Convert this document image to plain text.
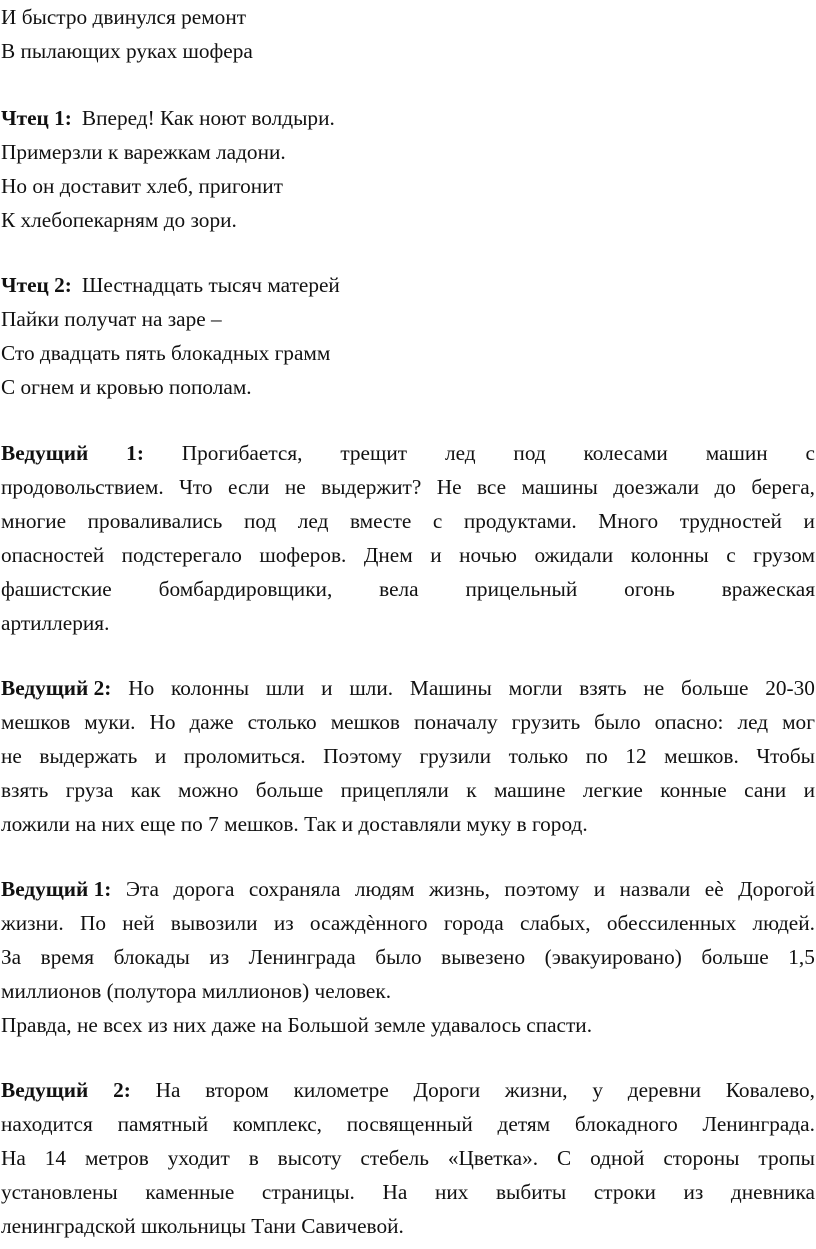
И быстро двинулся ремонт
В пылающих руках шофера
Чтец 1: Вперед! Как ноют волдыри.
Примерзли к варежкам ладони.
Но он доставит хлеб, пригонит
К хлебопекарням до зори.
Чтец 2: Шестнадцать тысяч матерей
Пайки получат на заре –
Сто двадцать пять блокадных грамм
С огнем и кровью пополам.
Ведущий 1: Прогибается, трещит лед под колесами машин с
продовольствием. Что если не выдержит? Не все машины доезжали до берега,
многие проваливались под лед вместе с продуктами. Много трудностей и
опасностей подстерегало шоферов. Днем и ночью ожидали колонны с грузом
фашистские бомбардировщики, вела прицельный огонь вражеская
артиллерия.
Ведущий 2: Но колонны шли и шли. Машины могли взять не больше 20-30
мешков муки. Но даже столько мешков поначалу грузить было опасно: лед мог
не выдержать и проломиться. Поэтому грузили только по 12 мешков. Чтобы
взять груза как можно больше прицепляли к машине легкие конные сани и
ложили на них еще по 7 мешков. Так и доставляли муку в город.
Ведущий 1: Эта дорога сохраняла людям жизнь, поэтому и назвали еѐ Дорогой
жизни. По ней вывозили из осаждѐнного города слабых, обессиленных людей.
За время блокады из Ленинграда было вывезено (эвакуировано) больше 1,5
миллионов (полутора миллионов) человек.
Правда, не всех из них даже на Большой земле удавалось спасти.
Ведущий 2: На втором километре Дороги жизни, у деревни Ковалево,
находится памятный комплекс, посвященный детям блокадного Ленинграда.
На 14 метров уходит в высоту стебель «Цветка». С одной стороны тропы
установлены каменные страницы. На них выбиты строки из дневника
ленинградской школьницы Тани Савичевой.
